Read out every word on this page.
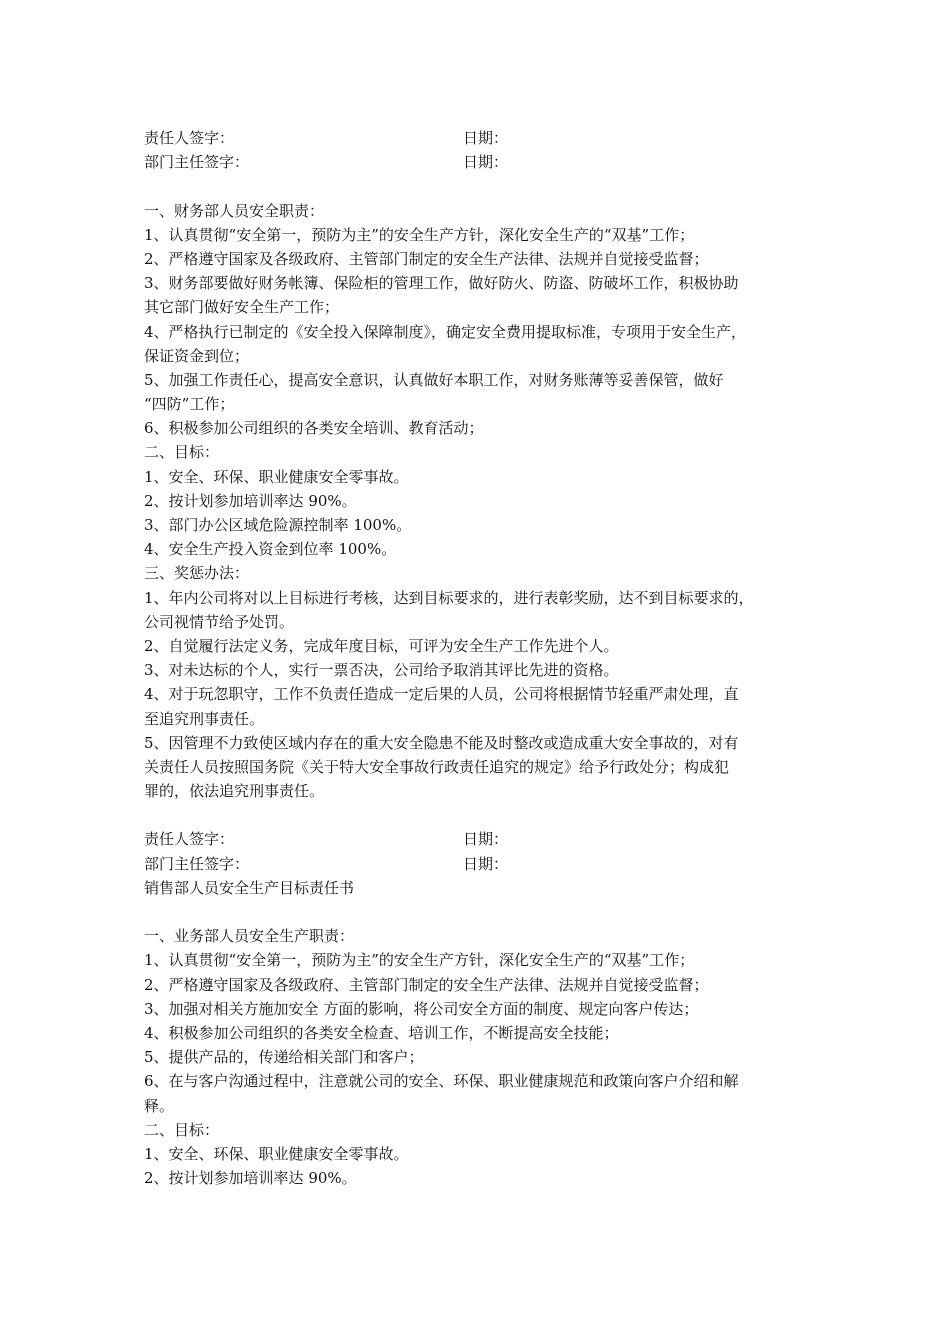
责任人签字：	日期：
部门主任签字：	日期：
一、财务部人员安全职责：
1、认真贯彻“安全第一，预防为主”的安全生产方针，深化安全生产的“双基”工作；
2、严格遵守国家及各级政府、主管部门制定的安全生产法律、法规并自觉接受监督；
3、财务部要做好财务帐簿、保险柜的管理工作，做好防火、防盗、防破坏工作，积极协助
其它部门做好安全生产工作；
4、严格执行已制定的《安全投入保障制度》，确定安全费用提取标准，专项用于安全生产，
保证资金到位；
5、加强工作责任心，提高安全意识，认真做好本职工作，对财务账薄等妥善保管，做好
“四防”工作；
6、积极参加公司组织的各类安全培训、教育活动；
二、目标：
1、安全、环保、职业健康安全零事故。
2、按计划参加培训率达 90%。
3、部门办公区域危险源控制率 100%。
4、安全生产投入资金到位率 100%。
三、奖惩办法：
1、年内公司将对以上目标进行考核，达到目标要求的，进行表彰奖励，达不到目标要求的，
公司视情节给予处罚。
2、自觉履行法定义务，完成年度目标，可评为安全生产工作先进个人。
3、对未达标的个人，实行一票否决，公司给予取消其评比先进的资格。
4、对于玩忽职守，工作不负责任造成一定后果的人员，公司将根据情节轻重严肃处理，直
至追究刑事责任。
5、因管理不力致使区域内存在的重大安全隐患不能及时整改或造成重大安全事故的，对有
关责任人员按照国务院《关于特大安全事故行政责任追究的规定》给予行政处分；构成犯
罪的，依法追究刑事责任。
责任人签字：	日期：
部门主任签字：	日期：
销售部人员安全生产目标责任书
一、业务部人员安全生产职责：
1、认真贯彻“安全第一，预防为主”的安全生产方针，深化安全生产的“双基”工作；
2、严格遵守国家及各级政府、主管部门制定的安全生产法律、法规并自觉接受监督；
3、加强对相关方施加安全 方面的影响，将公司安全方面的制度、规定向客户传达；
4、积极参加公司组织的各类安全检查、培训工作，不断提高安全技能；
5、提供产品的，传递给相关部门和客户；
6、在与客户沟通过程中，注意就公司的安全、环保、职业健康规范和政策向客户介绍和解
释。
二、目标：
1、安全、环保、职业健康安全零事故。
2、按计划参加培训率达 90%。
